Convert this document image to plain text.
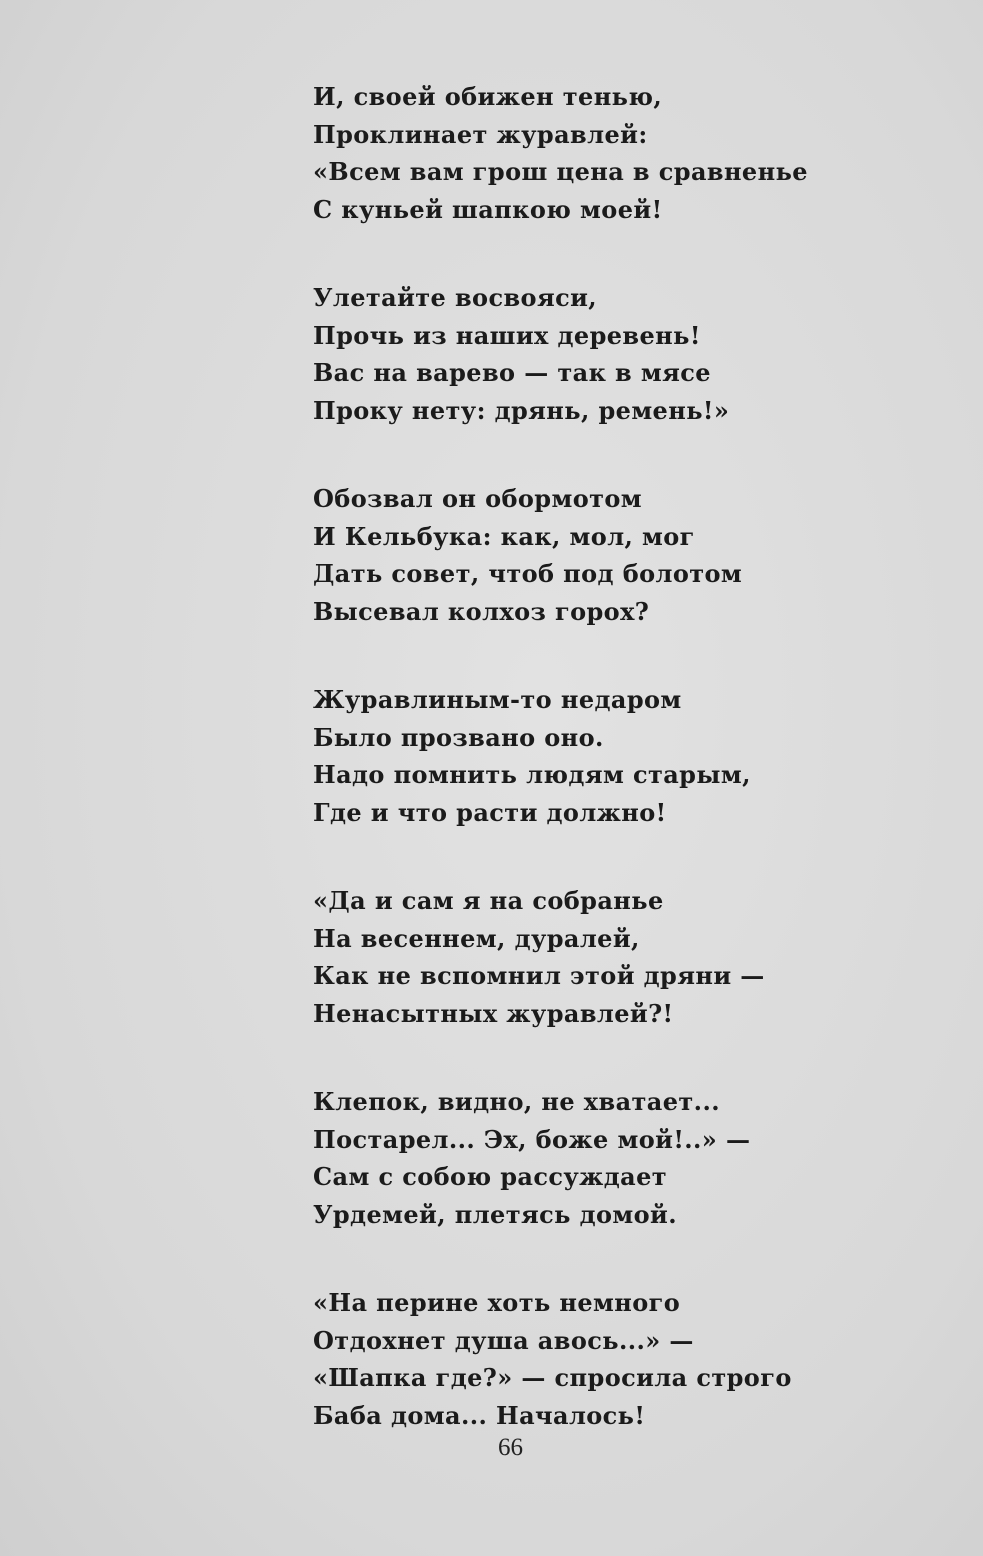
И, своей обижен тенью,
Проклинает журавлей:
«Всем вам грош цена в сравненье
С куньей шапкою моей!
Улетайте восвояси,
Прочь из наших деревень!
Вас на варево — так в мясе
Проку нету: дрянь, ремень!»
Обозвал он обормотом
И Кельбука: как, мол, мог
Дать совет, чтоб под болотом
Высевал колхоз горох?
Журавлиным-то недаром
Было прозвано оно.
Надо помнить людям старым,
Где и что расти должно!
«Да и сам я на собранье
На весеннем, дуралей,
Как не вспомнил этой дряни —
Ненасытных журавлей?!
Клепок, видно, не хватает...
Постарел... Эх, боже мой!..» —
Сам с собою рассуждает
Урдемей, плетясь домой.
«На перине хоть немного
Отдохнет душа авось...» —
«Шапка где?» — спросила строго
Баба дома... Началось!
66
